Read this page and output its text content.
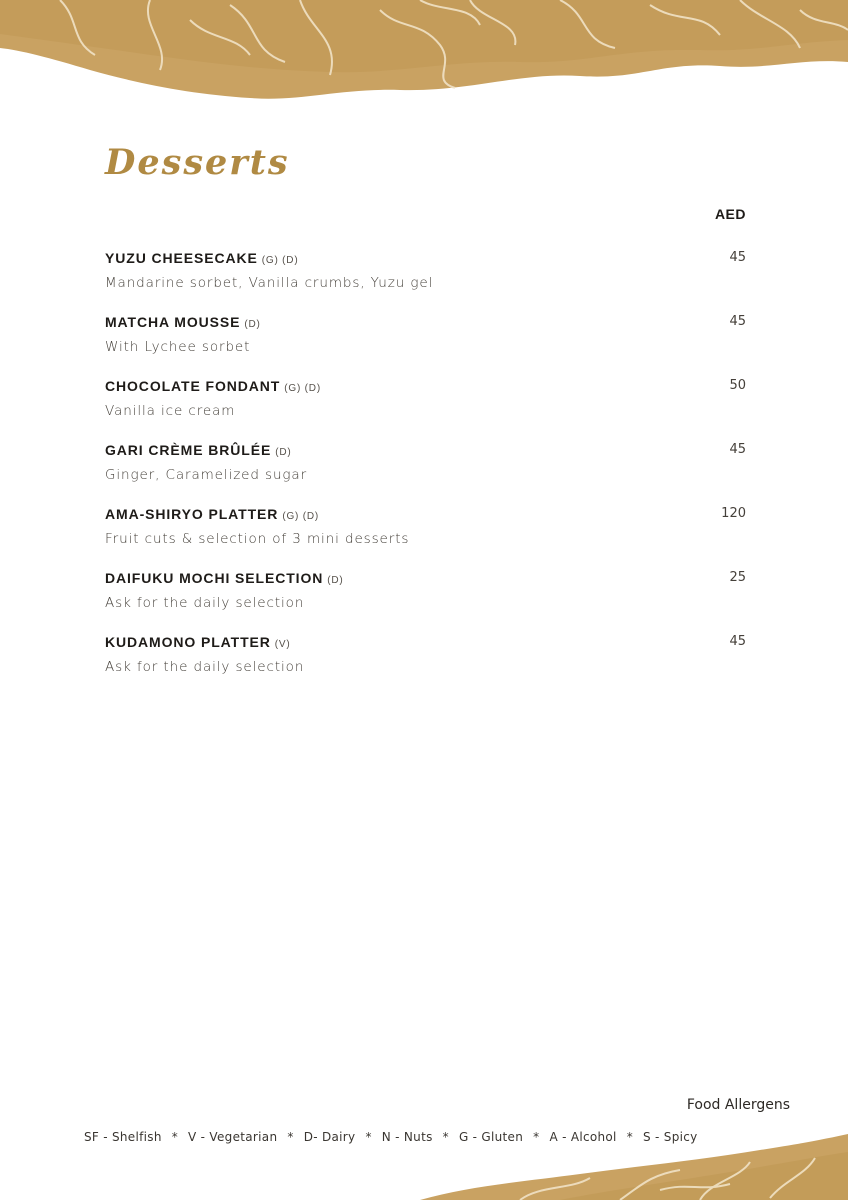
Desserts
AED
YUZU CHEESECAKE (G) (D)
Mandarine sorbet, Vanilla crumbs, Yuzu gel
45
MATCHA MOUSSE (D)
With Lychee sorbet
45
CHOCOLATE FONDANT (G) (D)
Vanilla ice cream
50
GARI CRÈME BRÛLÉE (D)
Ginger, Caramelized sugar
45
AMA-SHIRYO PLATTER (G) (D)
Fruit cuts & selection of 3 mini desserts
120
DAIFUKU MOCHI SELECTION (D)
Ask for the daily selection
25
KUDAMONO PLATTER (V)
Ask for the daily selection
45
Food Allergens
SF - Shelfish * V - Vegetarian * D- Dairy * N - Nuts * G - Gluten * A - Alcohol * S - Spicy
